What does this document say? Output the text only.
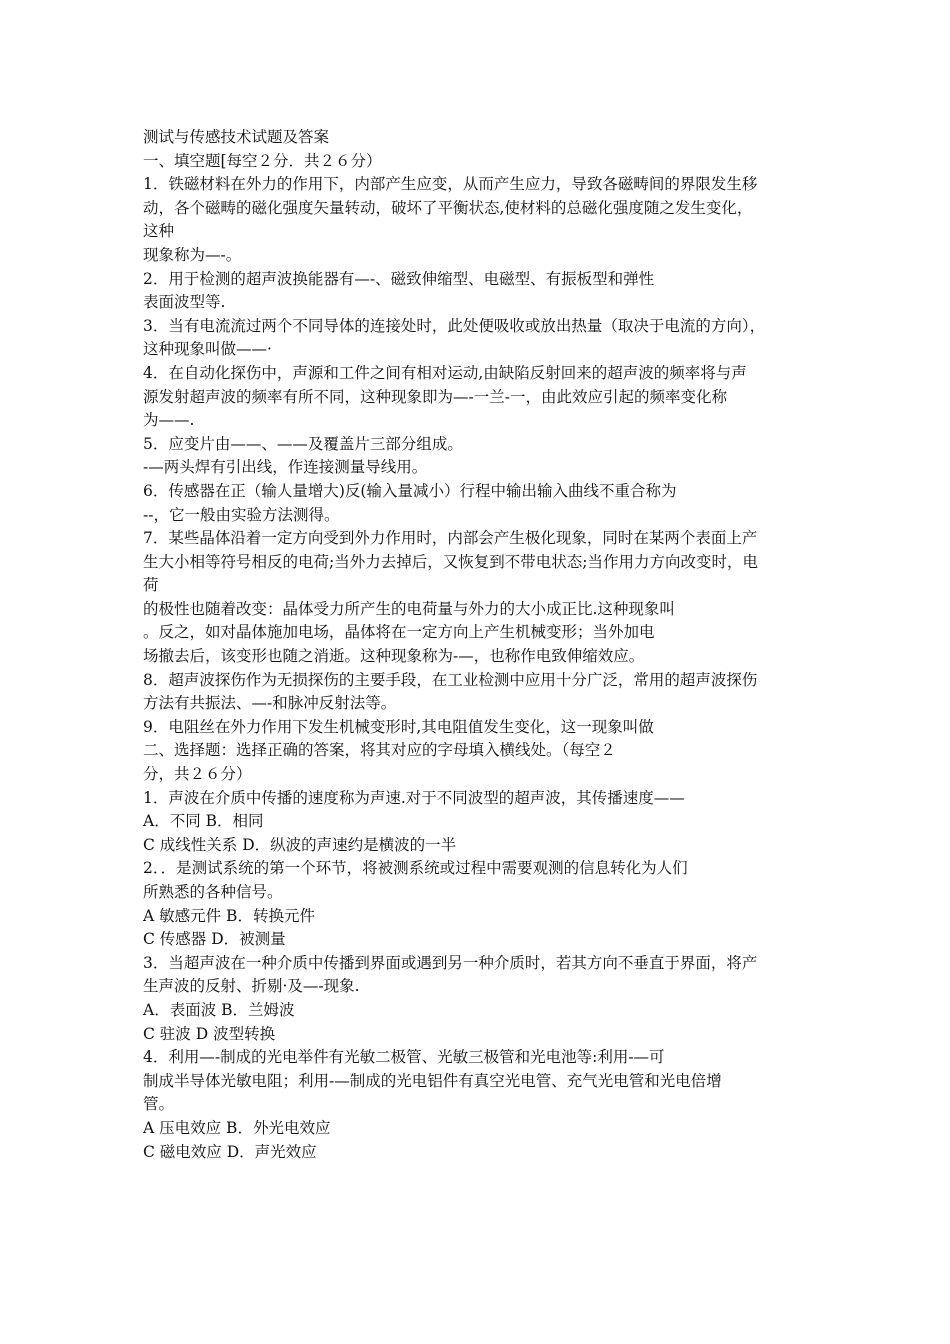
测试与传感技术试题及答案
一、填空题[每空２分．共２６分）
1．铁磁材料在外力的作用下，内部产生应变，从而产生应力，导致各磁畴间的界限发生移
动，各个磁畴的磁化强度矢量转动，破坏了平衡状态,使材料的总磁化强度随之发生变化，
这种
现象称为—-。
2．用于检测的超声波换能器有—-、磁致伸缩型、电磁型、有振板型和弹性
表面波型等.
3．当有电流流过两个不同导体的连接处时，此处便吸收或放出热量（取决于电流的方向），
这种现象叫做——·
4．在自动化探伤中，声源和工件之间有相对运动,由缺陷反射回来的超声波的频率将与声
源发射超声波的频率有所不同，这种现象即为—-一兰-一，由此效应引起的频率变化称
为——.
5．应变片由——、——及覆盖片三部分组成。
-—两头焊有引出线，作连接测量导线用。
6．传感器在正（输人量增大)反(输入量减小）行程中输出输入曲线不重合称为
--，它一般由实验方法测得。
7．某些晶体沿着一定方向受到外力作用时，内部会产生极化现象，同时在某两个表面上产
生大小相等符号相反的电荷;当外力去掉后，又恢复到不带电状态;当作用力方向改变时，电
荷
的极性也随着改变：晶体受力所产生的电荷量与外力的大小成正比.这种现象叫
。反之，如对晶体施加电场，晶体将在一定方向上产生机械变形；当外加电
场撤去后，该变形也随之消逝。这种现象称为-—，也称作电致伸缩效应。
8．超声波探伤作为无损探伤的主要手段，在工业检测中应用十分广泛，常用的超声波探伤
方法有共振法、—-和脉冲反射法等。
9．电阻丝在外力作用下发生机械变形时,其电阻值发生变化，这一现象叫做
二、选择题：选择正确的答案，将其对应的字母填入横线处。（每空２
分，共２６分）
1．声波在介质中传播的速度称为声速.对于不同波型的超声波，其传播速度——
A．不同 B．相同
C 成线性关系 D．纵波的声速约是横波的一半
2．．是测试系统的第一个环节，将被测系统或过程中需要观测的信息转化为人们
所熟悉的各种信号。
A 敏感元件 B．转换元件
C 传感器 D．被测量
3．当超声波在一种介质中传播到界面或遇到另一种介质时，若其方向不垂直于界面，将产
生声波的反射、折剔·及—-现象.
A．表面波 B．兰姆波
C 驻波 D 波型转换
4．利用—-制成的光电举件有光敏二极管、光敏三极管和光电池等:利用-—可
制成半导体光敏电阻；利用-—制成的光电铝件有真空光电管、充气光电管和光电倍增
管。
A 压电效应 B．外光电效应
C 磁电效应 D．声光效应
